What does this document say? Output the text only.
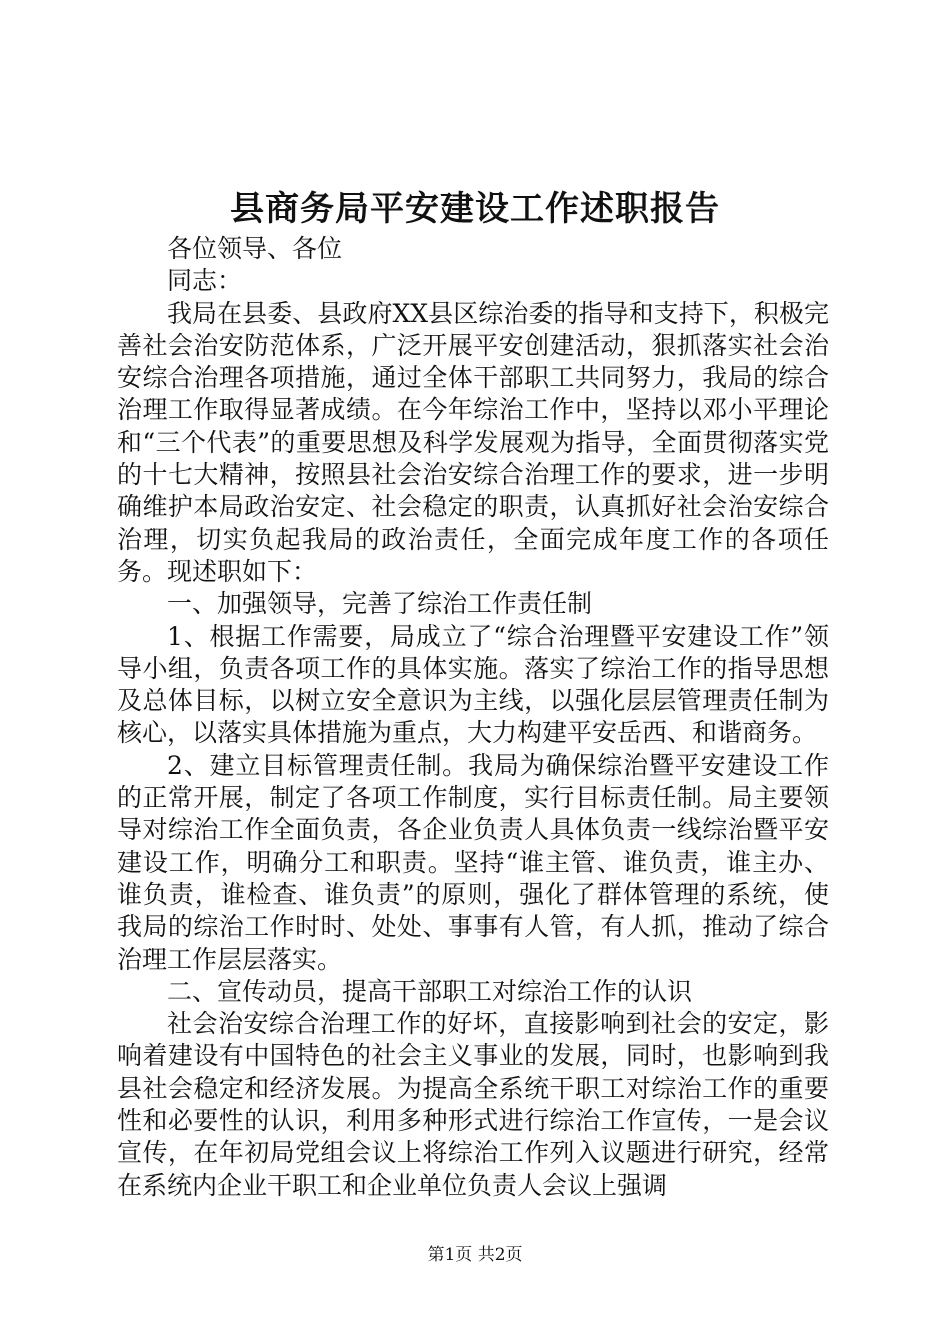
县商务局平安建设工作述职报告

各位领导、各位

同志：

我局在县委、县政府XX县区综治委的指导和支持下，积极完善社会治安防范体系，广泛开展平安创建活动，狠抓落实社会治安综合治理各项措施，通过全体干部职工共同努力，我局的综合治理工作取得显著成绩。在今年综治工作中，坚持以邓小平理论和“三个代表”的重要思想及科学发展观为指导，全面贯彻落实党的十七大精神，按照县社会治安综合治理工作的要求，进一步明确维护本局政治安定、社会稳定的职责，认真抓好社会治安综合治理，切实负起我局的政治责任，全面完成年度工作的各项任务。现述职如下：

一、加强领导，完善了综治工作责任制

1、根据工作需要，局成立了“综合治理暨平安建设工作”领导小组，负责各项工作的具体实施。落实了综治工作的指导思想及总体目标，以树立安全意识为主线，以强化层层管理责任制为核心，以落实具体措施为重点，大力构建平安岳西、和谐商务。

2、建立目标管理责任制。我局为确保综治暨平安建设工作的正常开展，制定了各项工作制度，实行目标责任制。局主要领导对综治工作全面负责，各企业负责人具体负责一线综治暨平安建设工作，明确分工和职责。坚持“谁主管、谁负责，谁主办、谁负责，谁检查、谁负责”的原则，强化了群体管理的系统，使我局的综治工作时时、处处、事事有人管，有人抓，推动了综合治理工作层层落实。

二、宣传动员，提高干部职工对综治工作的认识

社会治安综合治理工作的好坏，直接影响到社会的安定，影响着建设有中国特色的社会主义事业的发展，同时，也影响到我县社会稳定和经济发展。为提高全系统干职工对综治工作的重要性和必要性的认识，利用多种形式进行综治工作宣传，一是会议宣传，在年初局党组会议上将综治工作列入议题进行研究，经常在系统内企业干职工和企业单位负责人会议上强调

第1页 共2页
